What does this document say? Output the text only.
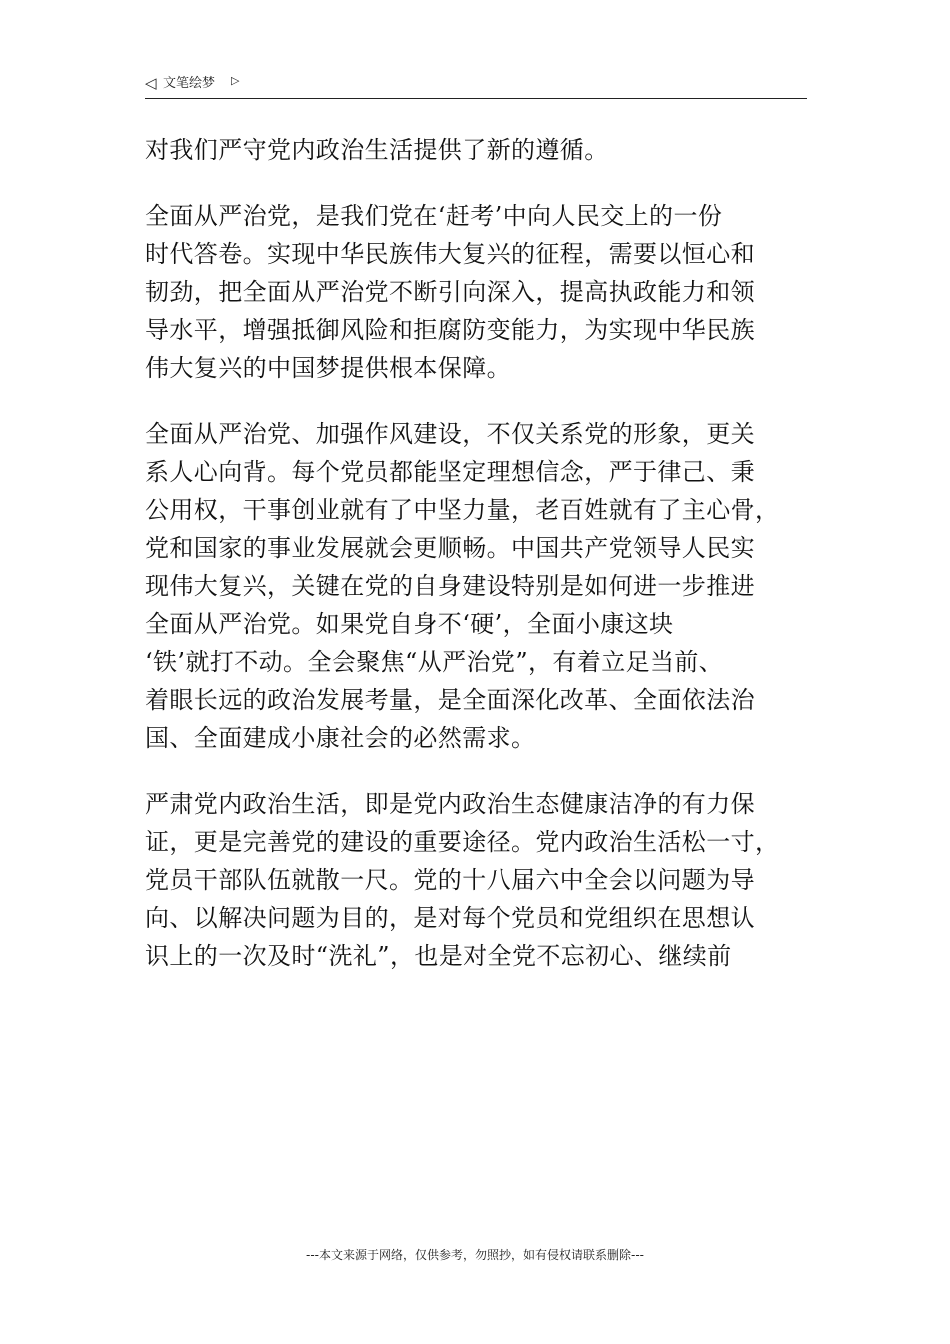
◁ 文笔绘梦 ▷

对我们严守党内政治生活提供了新的遵循。

全面从严治党，是我们党在‘赶考’中向人民交上的一份
时代答卷。实现中华民族伟大复兴的征程，需要以恒心和
韧劲，把全面从严治党不断引向深入，提高执政能力和领
导水平，增强抵御风险和拒腐防变能力，为实现中华民族
伟大复兴的中国梦提供根本保障。

全面从严治党、加强作风建设，不仅关系党的形象，更关
系人心向背。每个党员都能坚定理想信念，严于律己、秉
公用权，干事创业就有了中坚力量，老百姓就有了主心骨，
党和国家的事业发展就会更顺畅。中国共产党领导人民实
现伟大复兴，关键在党的自身建设特别是如何进一步推进
全面从严治党。如果党自身不‘硬’，全面小康这块
‘铁’就打不动。全会聚焦“从严治党”，有着立足当前、
着眼长远的政治发展考量，是全面深化改革、全面依法治
国、全面建成小康社会的必然需求。

严肃党内政治生活，即是党内政治生态健康洁净的有力保
证，更是完善党的建设的重要途径。党内政治生活松一寸，
党员干部队伍就散一尺。党的十八届六中全会以问题为导
向、以解决问题为目的，是对每个党员和党组织在思想认
识上的一次及时“洗礼”，也是对全党不忘初心、继续前

---本文来源于网络，仅供参考，勿照抄，如有侵权请联系删除---
